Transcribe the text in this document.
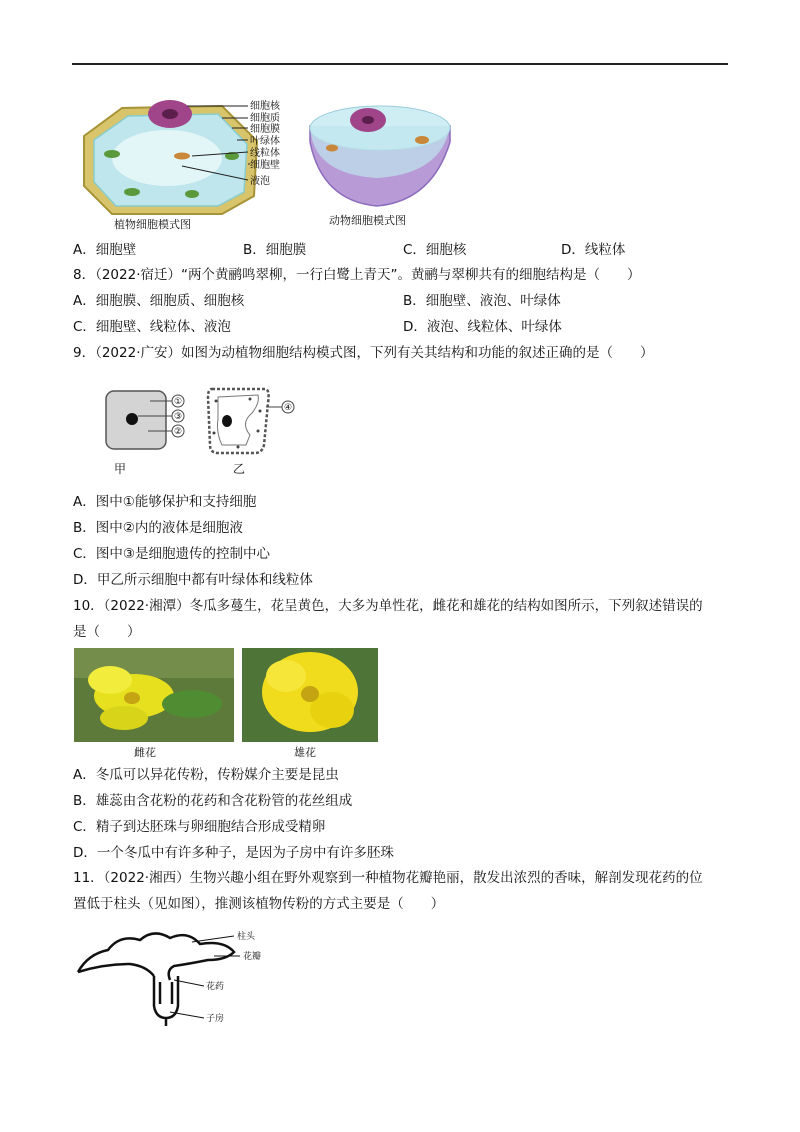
细胞核
细胞质
细胞膜
叶绿体
线粒体
细胞壁
液泡
植物细胞模式图	动物细胞模式图
A．细胞壁	B．细胞膜	C．细胞核	D．线粒体
8．（2022·宿迁）“两个黄鹂鸣翠柳，一行白鹭上青天”。黄鹂与翠柳共有的细胞结构是（　　）
A．细胞膜、细胞质、细胞核	B．细胞壁、液泡、叶绿体
C．细胞壁、线粒体、液泡	D．液泡、线粒体、叶绿体
9．（2022·广安）如图为动植物细胞结构模式图，下列有关其结构和功能的叙述正确的是（　　）
①
③
②
④
甲	乙
A．图中①能够保护和支持细胞
B．图中②内的液体是细胞液
C．图中③是细胞遗传的控制中心
D．甲乙所示细胞中都有叶绿体和线粒体
10．（2022·湘潭）冬瓜多蔓生，花呈黄色，大多为单性花，雌花和雄花的结构如图所示，下列叙述错误的
是（　　）
雌花	雄花
A．冬瓜可以异花传粉，传粉媒介主要是昆虫
B．雄蕊由含花粉的花药和含花粉管的花丝组成
C．精子到达胚珠与卵细胞结合形成受精卵
D．一个冬瓜中有许多种子，是因为子房中有许多胚珠
11．（2022·湘西）生物兴趣小组在野外观察到一种植物花瓣艳丽，散发出浓烈的香味，解剖发现花药的位
置低于柱头（见如图），推测该植物传粉的方式主要是（　　）
柱头
花瓣
花药
子房
